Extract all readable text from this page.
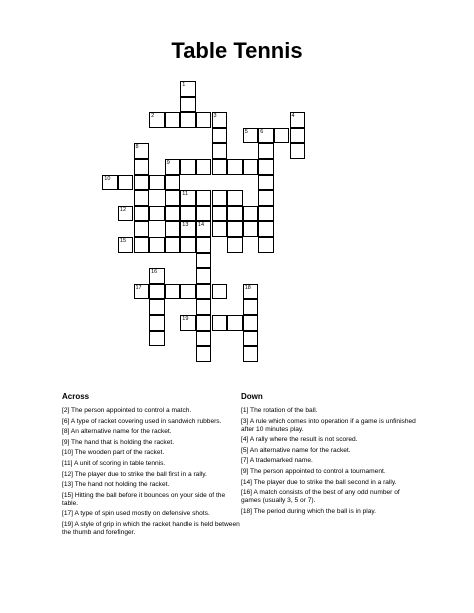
Table Tennis
1
2	3	4
5 6
8
9
10
11
12
13 14
15
16
17	18
19
Across	Down
[2] The person appointed to control a match.
[6] A type of racket covering used in sandwich rubbers.
[8] An alternative name for the racket.
[9] The hand that is holding the racket.
[10] The wooden part of the racket.
[11] A unit of scoring in table tennis.
[12] The player due to strike the ball first in a rally.
[13] The hand not holding the racket.
[15] Hitting the ball before it bounces on your side of the table.
[17] A type of spin used mostly on defensive shots.
[19] A style of grip in which the racket handle is held between the thumb and forefinger.
[1] The rotation of the ball.
[3] A rule which comes into operation if a game is unfinished after 10 minutes play.
[4] A rally where the result is not scored.
[5] An alternative name for the racket.
[7] A trademarked name.
[9] The person appointed to control a tournament.
[14] The player due to strike the ball second in a rally.
[16] A match consists of the best of any odd number of games (usually 3, 5 or 7).
[18] The period during which the ball is in play.
